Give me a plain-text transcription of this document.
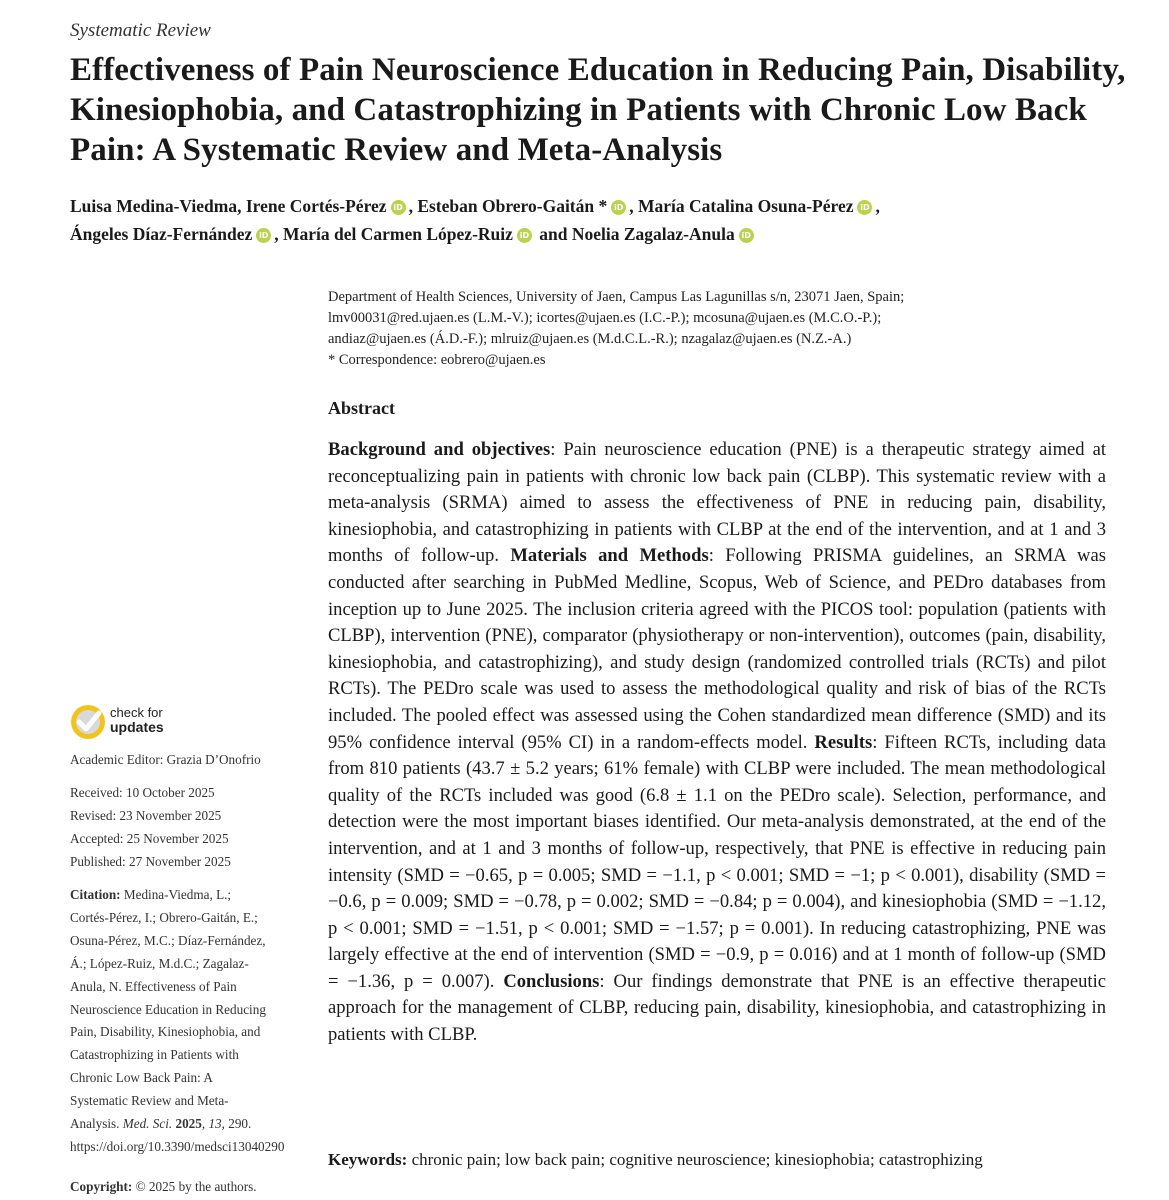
Systematic Review
Effectiveness of Pain Neuroscience Education in Reducing Pain, Disability, Kinesiophobia, and Catastrophizing in Patients with Chronic Low Back Pain: A Systematic Review and Meta-Analysis
Luisa Medina-Viedma, Irene Cortés-Pérez iD , Esteban Obrero-Gaitán * iD , María Catalina Osuna-Pérez iD ,
Ángeles Díaz-Fernández iD , María del Carmen López-Ruiz iD and Noelia Zagalaz-Anula iD
Department of Health Sciences, University of Jaen, Campus Las Lagunillas s/n, 23071 Jaen, Spain;
lmv00031@red.ujaen.es (L.M.-V.); icortes@ujaen.es (I.C.-P.); mcosuna@ujaen.es (M.C.O.-P.);
andiaz@ujaen.es (Á.D.-F.); mlruiz@ujaen.es (M.d.C.L.-R.); nzagalaz@ujaen.es (N.Z.-A.)
* Correspondence: eobrero@ujaen.es
Abstract
Background and objectives: Pain neuroscience education (PNE) is a therapeutic strategy aimed at reconceptualizing pain in patients with chronic low back pain (CLBP). This systematic review with a meta-analysis (SRMA) aimed to assess the effectiveness of PNE in reducing pain, disability, kinesiophobia, and catastrophizing in patients with CLBP at the end of the intervention, and at 1 and 3 months of follow-up. Materials and Methods: Following PRISMA guidelines, an SRMA was conducted after searching in PubMed Medline, Scopus, Web of Science, and PEDro databases from inception up to June 2025. The inclusion criteria agreed with the PICOS tool: population (patients with CLBP), intervention (PNE), comparator (physiotherapy or non-intervention), outcomes (pain, disability, kinesiophobia, and catastrophizing), and study design (randomized controlled trials (RCTs) and pilot RCTs). The PEDro scale was used to assess the methodological quality and risk of bias of the RCTs included. The pooled effect was assessed using the Cohen standardized mean difference (SMD) and its 95% confidence interval (95% CI) in a random-effects model. Results: Fifteen RCTs, including data from 810 patients (43.7 ± 5.2 years; 61% female) with CLBP were included. The mean methodological quality of the RCTs included was good (6.8 ± 1.1 on the PEDro scale). Selection, performance, and detection were the most important biases identified. Our meta-analysis demonstrated, at the end of the intervention, and at 1 and 3 months of follow-up, respectively, that PNE is effective in reducing pain intensity (SMD = −0.65, p = 0.005; SMD = −1.1, p < 0.001; SMD = −1; p < 0.001), disability (SMD = −0.6, p = 0.009; SMD = −0.78, p = 0.002; SMD = −0.84; p = 0.004), and kinesiophobia (SMD = −1.12, p < 0.001; SMD = −1.51, p < 0.001; SMD = −1.57; p = 0.001). In reducing catastrophizing, PNE was largely effective at the end of intervention (SMD = −0.9, p = 0.016) and at 1 month of follow-up (SMD = −1.36, p = 0.007). Conclusions: Our findings demonstrate that PNE is an effective therapeutic approach for the management of CLBP, reducing pain, disability, kinesiophobia, and catastrophizing in patients with CLBP.
Keywords: chronic pain; low back pain; cognitive neuroscience; kinesiophobia; catastrophizing
check for
updates
Academic Editor: Grazia D’Onofrio
Received: 10 October 2025
Revised: 23 November 2025
Accepted: 25 November 2025
Published: 27 November 2025
Citation: Medina-Viedma, L.; Cortés-Pérez, I.; Obrero-Gaitán, E.; Osuna-Pérez, M.C.; Díaz-Fernández, Á.; López-Ruiz, M.d.C.; Zagalaz-Anula, N. Effectiveness of Pain Neuroscience Education in Reducing Pain, Disability, Kinesiophobia, and Catastrophizing in Patients with Chronic Low Back Pain: A Systematic Review and Meta-Analysis. Med. Sci. 2025, 13, 290. https://doi.org/10.3390/medsci13040290
Copyright: © 2025 by the authors.
